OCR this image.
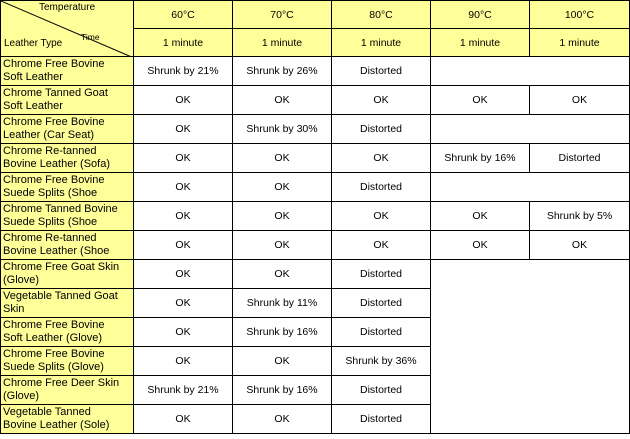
Temperature
Time
Leather Type	60°C	70°C	80°C	90°C	100°C
	1 minute	1 minute	1 minute	1 minute	1 minute

Chrome Free Bovine
Soft Leather	Shrunk by 21%	Shrunk by 26%	Distorted		

Chrome Tanned Goat
Soft Leather	OK	OK	OK	OK	OK

Chrome Free Bovine
Leather (Car Seat)	OK	Shrunk by 30%	Distorted		

Chrome Re-tanned
Bovine Leather (Sofa)	OK	OK	OK	Shrunk by 16%	Distorted

Chrome Free Bovine
Suede Splits (Shoe	OK	OK	Distorted		

Chrome Tanned Bovine
Suede Splits (Shoe	OK	OK	OK	OK	Shrunk by 5%

Chrome Re-tanned
Bovine Leather (Shoe	OK	OK	OK	OK	OK

Chrome Free Goat Skin
(Glove)	OK	OK	Distorted		

Vegetable Tanned Goat
Skin	OK	Shrunk by 11%	Distorted		

Chrome Free Bovine
Soft Leather (Glove)	OK	Shrunk by 16%	Distorted		

Chrome Free Bovine
Suede Splits (Glove)	OK	OK	Shrunk by 36%		

Chrome Free Deer Skin
(Glove)	Shrunk by 21%	Shrunk by 16%	Distorted		

Vegetable Tanned
Bovine Leather (Sole)	OK	OK	Distorted		
